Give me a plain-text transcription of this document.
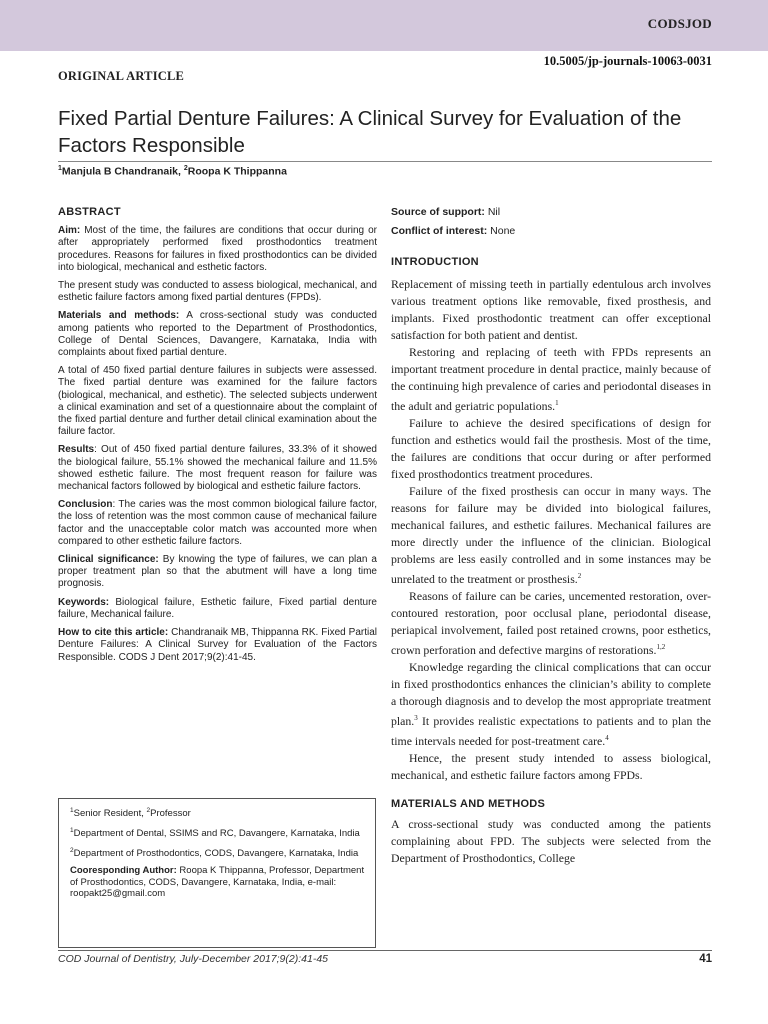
CODSJOD
10.5005/jp-journals-10063-0031
ORIGINAL ARTICLE
Fixed Partial Denture Failures: A Clinical Survey for Evaluation of the Factors Responsible
$^1$Manjula B Chandranaik, $^2$Roopa K Thippanna
ABSTRACT

Aim: Most of the time, the failures are conditions that occur during or after appropriately performed fixed prosthodontics treatment procedures. Reasons for failures in fixed prosthodontics can be divided into biological, mechanical and esthetic factors.

The present study was conducted to assess biological, mechanical, and esthetic failure factors among fixed partial dentures (FPDs).

Materials and methods: A cross-sectional study was conducted among patients who reported to the Department of Prosthodontics, College of Dental Sciences, Davangere, Karnataka, India with complaints about fixed partial denture.

A total of 450 fixed partial denture failures in subjects were assessed. The fixed partial denture was examined for the failure factors (biological, mechanical, and esthetic). The selected subjects underwent a clinical examination and set of a questionnaire about the complaint of the fixed partial denture and further detail clinical examination about the failure factor.

Results: Out of 450 fixed partial denture failures, 33.3% of it showed the biological failure, 55.1% showed the mechanical failure and 11.5% showed esthetic failure. The most frequent reason for failure was mechanical factors followed by biological and esthetic failure factors.

Conclusion: The caries was the most common biological failure factor, the loss of retention was the most common cause of mechanical failure factor and the unacceptable color match was accounted more when compared to other esthetic failure factors.

Clinical significance: By knowing the type of failures, we can plan a proper treatment plan so that the abutment will have a long time prognosis.

Keywords: Biological failure, Esthetic failure, Fixed partial denture failure, Mechanical failure.

How to cite this article: Chandranaik MB, Thippanna RK. Fixed Partial Denture Failures: A Clinical Survey for Evaluation of the Factors Responsible. CODS J Dent 2017;9(2):41-45.

$^1$Senior Resident, $^2$Professor

$^1$Department of Dental, SSIMS and RC, Davangere, Karnataka, India

$^2$Department of Prosthodontics, CODS, Davangere, Karnataka, India

Cooresponding Author: Roopa K Thippanna, Professor, Department of Prosthodontics, CODS, Davangere, Karnataka, India, e-mail: roopakt25@gmail.com

Source of support: Nil
Conflict of interest: None
INTRODUCTION

Replacement of missing teeth in partially edentulous arch involves various treatment options like removable, fixed prosthesis, and implants. Fixed prosthodontic treatment can offer exceptional satisfaction for both patient and dentist.

Restoring and replacing of teeth with FPDs represents an important treatment procedure in dental practice, mainly because of the continuing high prevalence of caries and periodontal diseases in the adult and geriatric populations.$^1$

Failure to achieve the desired specifications of design for function and esthetics would fail the prosthesis. Most of the time, the failures are conditions that occur during or after performed fixed prosthodontics treatment procedures.

Failure of the fixed prosthesis can occur in many ways. The reasons for failure may be divided into biological failures, mechanical failures, and esthetic failures. Mechanical failures are more directly under the influence of the clinician. Biological problems are less easily controlled and in some instances may be unrelated to the treatment or prosthesis.$^2$

Reasons of failure can be caries, uncemented restoration, over-contoured restoration, poor occlusal plane, periodontal disease, periapical involvement, failed post retained crowns, poor esthetics, crown perforation and defective margins of restorations.$^{1,2}$

Knowledge regarding the clinical complications that can occur in fixed prosthodontics enhances the clinician’s ability to complete a thorough diagnosis and to develop the most appropriate treatment plan.$^3$ It provides realistic expectations to patients and to plan the time intervals needed for post-treatment care.$^4$

Hence, the present study intended to assess biological, mechanical, and esthetic failure factors among FPDs.

MATERIALS AND METHODS

A cross-sectional study was conducted among the patients complaining about FPD. The subjects were selected from the Department of Prosthodontics, College

COD Journal of Dentistry, July-December 2017;9(2):41-45	41
